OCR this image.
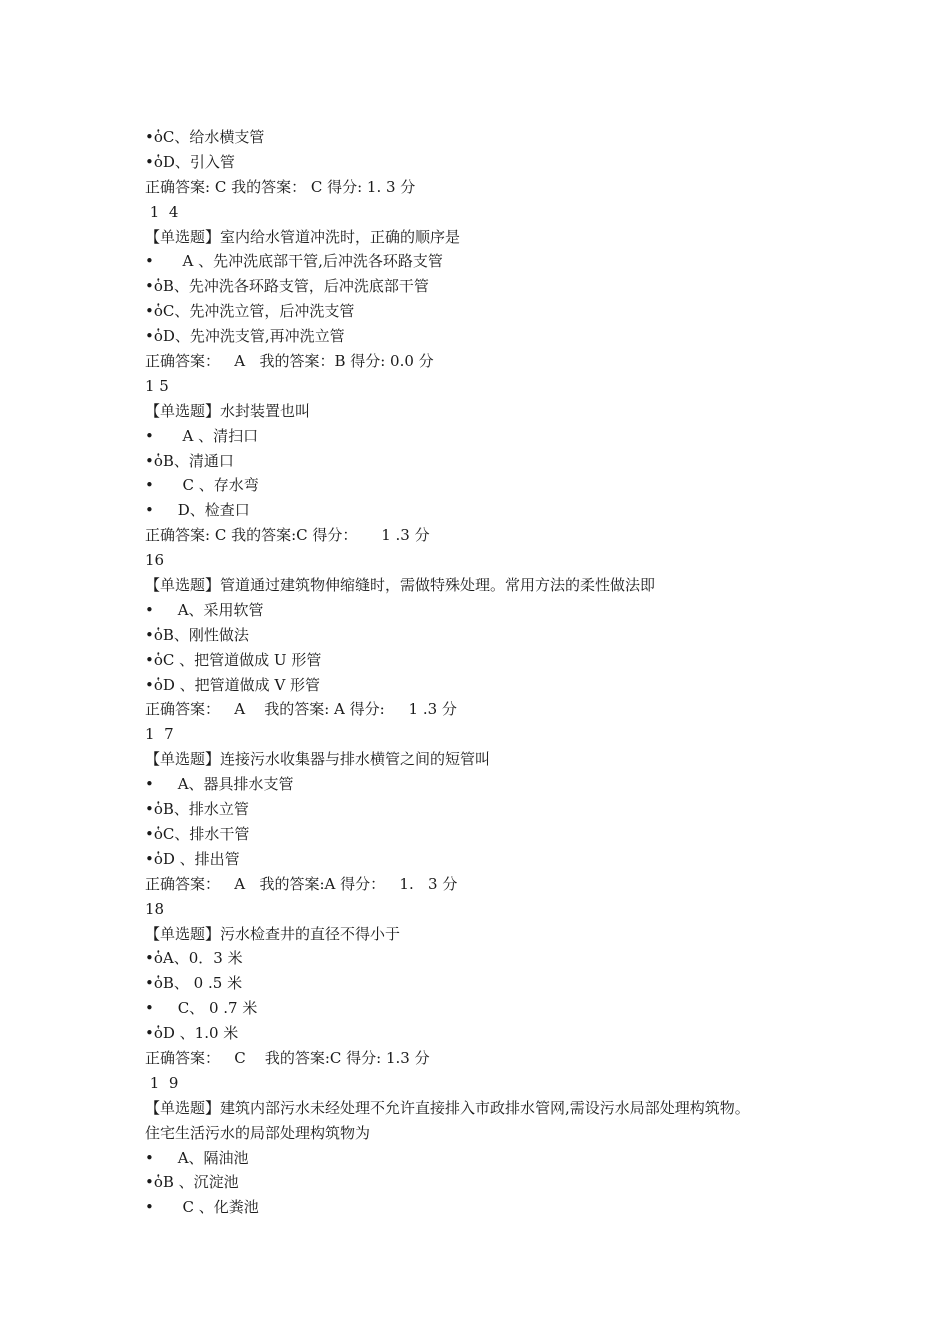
•ὁC、给水横支管
•ὁD、引入管
正确答案: C 我的答案： C 得分: 1. 3 分
1  4
【单选题】室内给水管道冲洗时，正确的顺序是
•      A 、先冲洗底部干管,后冲洗各环路支管
•ὁB、先冲洗各环路支管，后冲洗底部干管
•ὁC、先冲洗立管，后冲洗支管
•ὁD、先冲洗支管,再冲洗立管
正确答案：   A   我的答案：B 得分: 0.0 分
1 5
【单选题】水封装置也叫
•      A 、清扫口
•ὁB、清通口
•      C 、存水弯
•     D、检查口
正确答案: C 我的答案:C 得分：     1 .3 分
16
【单选题】管道通过建筑物伸缩缝时，需做特殊处理。常用方法的柔性做法即
•     A、采用软管
•ὁB、刚性做法
•ὁC 、把管道做成 U 形管
•ὁD 、把管道做成 V 形管
正确答案：   A    我的答案: A 得分:     1 .3 分
1  7
【单选题】连接污水收集器与排水横管之间的短管叫
•     A、器具排水支管
•ὁB、排水立管
•ὁC、排水干管
•ὁD 、排出管
正确答案：   A   我的答案:A 得分：   1.   3 分
18
【单选题】污水检查井的直径不得小于
•ὁA、0．3 米
•ὁB、 0 .5 米
•     C、 0 .7 米
•ὁD 、1.0 米
正确答案：   C    我的答案:C 得分: 1.3 分
1  9
【单选题】建筑内部污水未经处理不允许直接排入市政排水管网,需设污水局部处理构筑物。
住宅生活污水的局部处理构筑物为
•     A、隔油池
•ὁB 、沉淀池
•      C 、化粪池
